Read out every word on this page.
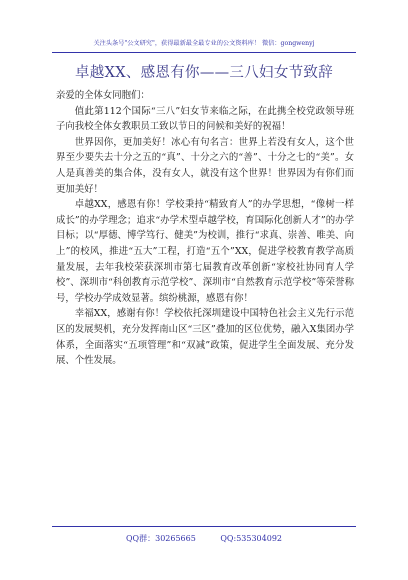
关注头条号"公文研究"，获得最新最全最专业的公文资料库！ 微信：gongwenyj
卓越XX、感恩有你——三八妇女节致辞

亲爱的全体女同胞们：

值此第112个国际“三八”妇女节来临之际，在此携全校党政领导班子向我校全体女教职员工致以节日的问候和美好的祝福！

世界因你，更加美好！冰心有句名言：世界上若没有女人，这个世界至少要失去十分之五的“真”、十分之六的“善”、十分之七的“美”。女人是真善美的集合体，没有女人，就没有这个世界！世界因为有你们而更加美好！

卓越XX，感恩有你！学校秉持“精致育人”的办学思想，“像树一样成长”的办学理念；追求“办学术型卓越学校，育国际化创新人才”的办学目标；以“厚德、博学笃行、健美”为校训，推行“求真、崇善、唯美、向上”的校风，推进“五大”工程，打造“五个”XX，促进学校教育教学高质量发展，去年我校荣获深圳市第七届教育改革创新“家校社协同育人学校”、深圳市“科创教育示范学校”、深圳市“自然教育示范学校”等荣誉称号，学校办学成效显著。缤纷桃源，感恩有你！

幸福XX，感谢有你！学校依托深圳建设中国特色社会主义先行示范区的发展契机，充分发挥南山区“三区”叠加的区位优势，融入X集团办学体系，全面落实“五项管理”和“双减”政策，促进学生全面发展、充分发展、个性发展。

QQ群：30265665	QQ:535304092
